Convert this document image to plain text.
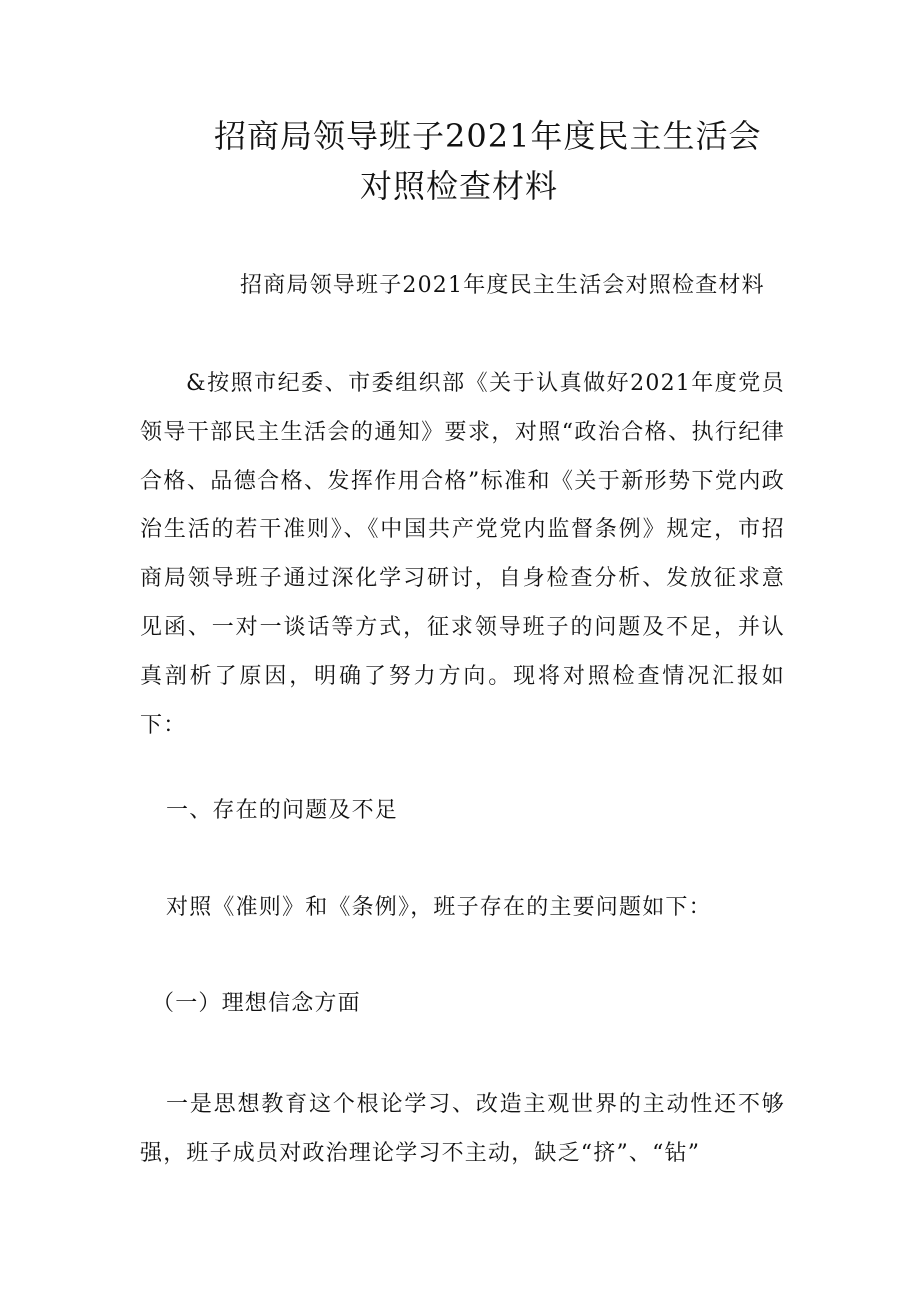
招商局领导班子2021年度民主生活会
对照检查材料

招商局领导班子2021年度民主生活会对照检查材料

&按照市纪委、市委组织部《关于认真做好2021年度党员领导干部民主生活会的通知》要求，对照“政治合格、执行纪律合格、品德合格、发挥作用合格”标准和《关于新形势下党内政治生活的若干准则》、《中国共产党党内监督条例》规定，市招商局领导班子通过深化学习研讨，自身检查分析、发放征求意见函、一对一谈话等方式，征求领导班子的问题及不足，并认真剖析了原因，明确了努力方向。现将对照检查情况汇报如下：

一、存在的问题及不足

对照《准则》和《条例》，班子存在的主要问题如下：

（一）理想信念方面

一是思想教育这个根论学习、改造主观世界的主动性还不够强，班子成员对政治理论学习不主动，缺乏“挤”、“钻”
